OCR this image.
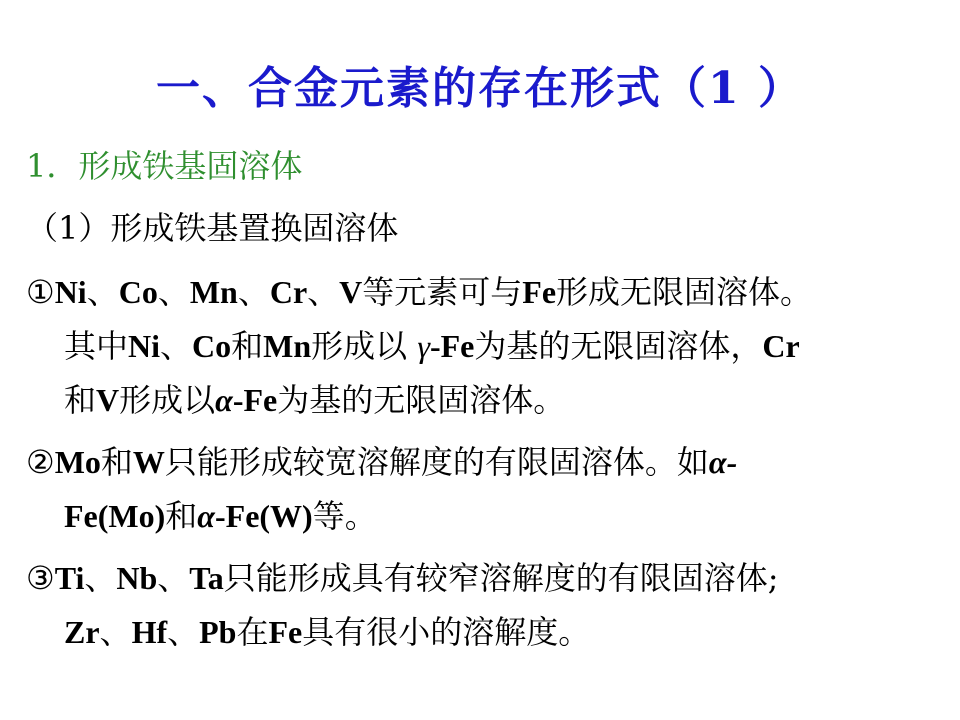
一、合金元素的存在形式（1 ）
1．形成铁基固溶体
（1）形成铁基置换固溶体
①Ni、Co、Mn、Cr、V等元素可与Fe形成无限固溶体。
其中Ni、Co和Mn形成以 γ-Fe为基的无限固溶体，Cr
和V形成以α-Fe为基的无限固溶体。
②Mo和W只能形成较宽溶解度的有限固溶体。如α-
Fe(Mo)和α-Fe(W)等。
③Ti、Nb、Ta只能形成具有较窄溶解度的有限固溶体;
Zr、Hf、Pb在Fe具有很小的溶解度。
